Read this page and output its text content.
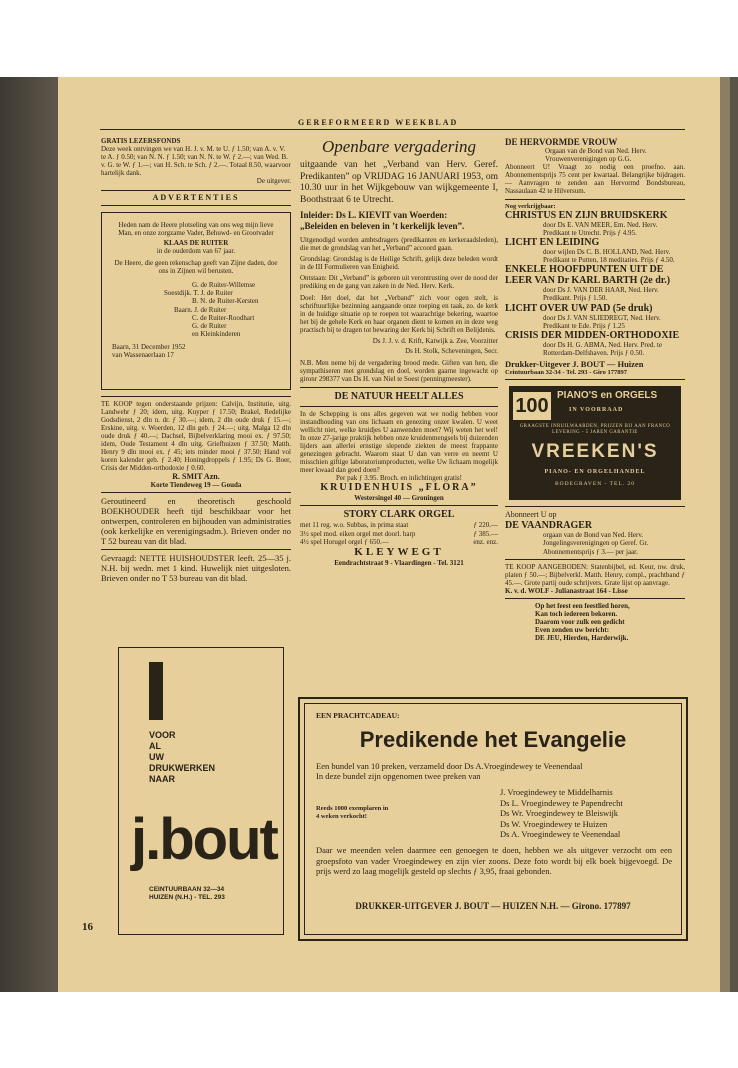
GEREFORMEERD WEEKBLAD

GRATIS LEZERSFONDS

Deze week ontvingen we van H. J. v. M. te U. ƒ 1.50; van A. v. V. te A. ƒ 0.50; van N. N. ƒ 1.50; van N. N. te W. ƒ 2.—; van Wed. B. v. G. te W. ƒ 1.—; van H. Sch. te Sch. ƒ 2.—. Totaal 8.50, waarvoor hartelijk dank.

De uitgever.

ADVERTENTIES

Heden nam de Heere plotseling van ons weg mijn lieve Man, en onze zorgzame Vader, Behuwd- en Grootvader

KLAAS DE RUITER

in de ouderdom van 67 jaar.

De Heere, die geen rekenschap geeft van Zijne daden, doe ons in Zijnen wil berusten.

G. de Ruiter-Willemse

Soestdijk. T. J. de Ruiter

B. N. de Ruiter-Kersten

Baarn. J. de Ruiter

C. de Ruiter-Roodhart

G. de Ruiter

en Kleinkinderen

Baarn, 31 December 1952

van Wassenaerlaan 17

TE KOOP tegen onderstaande prijzen: Calvijn, Institutie, uitg. Landwehr ƒ 20; idem, uitg. Kuyper ƒ 17.50; Brakel, Redelijke Godsdienst, 2 dln n. dr. ƒ 30.—; idem, 2 dln oude druk ƒ 15.—; Erskine, uitg. v. Woerden, 12 dln geb. ƒ 24.—; uitg. Malga 12 dln oude druk ƒ 40.—; Dachsel, Bijbelverklaring mooi ex. ƒ 97.50; idem, Oude Testament 4 dln uitg. Griefhuizen ƒ 37.50; Matth. Henry 9 dln mooi ex. ƒ 45; iets minder mooi ƒ 37.50; Hand vol koren kalender geb. ƒ 2.40; Honingdroppels ƒ 1.95; Ds G. Boer, Crisis der Midden-orthodoxie ƒ 0.60.

R. SMIT Azn.

Korte Tiendeweg 19 — Gouda

Geroutineerd en theoretisch geschoold BOEKHOUDER heeft tijd beschikbaar voor het ontwerpen, controleren en bijhouden van administraties (ook kerkelijke en verenigingsadm.). Brieven onder no T 52 bureau van dit blad.

Gevraagd: NETTE HUISHOUDSTER leeft. 25—35 j. N.H. bij wedn. met 1 kind. Huwelijk niet uitgesloten. Brieven onder no T 53 bureau van dit blad.

VOOR

AL

UW

DRUKWERKEN

NAAR

j.bout

CEINTUURBAAN 32—34

HUIZEN (N.H.) - TEL. 293

16

Openbare vergadering

uitgaande van het „Verband van Herv. Geref. Predikanten” op VRIJDAG 16 JANUARI 1953, om 10.30 uur in het Wijkgebouw van wijkgemeente I, Boothstraat 6 te Utrecht.

Inleider: Ds L. KIEVIT van Woerden:

„Beleiden en beleven in ’t kerkelijk leven”.

Uitgenodigd worden ambtsdragers (predikanten en kerkeraadsleden), die met de grondslag van het „Verband” accoord gaan.

Grondslag: Grondslag is de Heilige Schrift, gelijk deze beleden wordt in de III Formulieren van Enigheid.

Ontstaan: Dit „Verband” is geboren uit verontrusting over de nood der prediking en de gang van zaken in de Ned. Herv. Kerk.

Doel: Het doel, dat het „Verband” zich voor ogen stelt, is schriftuurlijke bezinning aangaande onze roeping en taak, zo. de kerk in de huidige situatie op te roepen tot waarachtige bekering, waartoe het bij de gehele Kerk en haar organen dient te komen en in deze weg practisch bij te dragen tot bewaring der Kerk bij Schrift en Belijdenis.

Ds J. J. v. d. Krift, Katwijk a. Zee, Voorzitter

Ds H. Stolk, Scheveningen, Secr.

N.B. Men neme bij de vergadering brood mede. Giften van hen, die sympathiseren met grondslag en doel, worden gaarne ingewacht op gironr 298377 van Ds H. van Niel te Soest (penningmeester).

DE NATUUR HEELT ALLES

In de Schepping is ons alles gegeven wat we nodig hebben voor instandhouding van ons lichaam en genezing onzer kwalen. U weet wellicht niet, welke kruidjes U aanwenden moet? Wij weten het wel! In onze 27-jarige praktijk hebben onze kruidenmengsels bij duizenden lijders aan allerlei ernstige slepende ziekten de meest frappante genezingen gebracht. Waarom staat U dan van verre en neemt U misschien giftige laboratoriumproducten, welke Uw lichaam mogelijk meer kwaad dan goed doen?

Per pak ƒ 3.95. Broch. en inlichtingen gratis!

KRUIDENHUIS „FLORA”

Westersingel 40 — Groningen

STORY CLARK ORGEL

met 11 reg. w.o. Subbas, in prima staat	ƒ 220.—
3½ spel mod. eiken orgel met doorl. harp	ƒ 385.—
4½ spel Horugel orgel ƒ 650.—	enz. enz.

KLEYWEGT

Eendrachtstraat 9 - Vlaardingen - Tel. 3121

DE HERVORMDE VROUW

Orgaan van de Bond van Ned. Herv. Vrouwenverenigingen op G.G.

Abonneert U! Vraagt zo nodig een proefno. aan. Abonnementsprijs 75 cent per kwartaal. Belangrijke bijdragen. — Aanvragen te zenden aan Hervormd Bondsbureau, Nassaulaan 42 te Hilversum.

Nog verkrijgbaar:

CHRISTUS EN ZIJN BRUIDSKERK

door Ds E. VAN MEER, Em. Ned. Herv. Predikant te Utrecht. Prijs ƒ 4.95.

LICHT EN LEIDING

door wijlen Ds C. B. HOLLAND, Ned. Herv. Predikant te Putten, 18 meditaties. Prijs ƒ 4.50.

ENKELE HOOFDPUNTEN UIT DE LEER VAN Dr KARL BARTH (2e dr.)

door Ds J. VAN DER HAAR, Ned. Herv. Predikant. Prijs ƒ 1.50.

LICHT OVER UW PAD (5e druk)

door Ds J. VAN SLIEDREGT, Ned. Herv. Predikant te Ede. Prijs ƒ 1.25

CRISIS DER MIDDEN-ORTHODOXIE

door Ds H. G. ABMA, Ned. Herv. Pred. te Rotterdam-Delfshaven. Prijs ƒ 0.50.

Drukker-Uitgever J. BOUT — Huizen

Ceintuurbaan 32-34 - Tel. 293 - Giro 177897

100 PIANO'S en ORGELS
IN VOORRAAD
GRAAGSTE INRUILWAARDEN, PRIJZEN BIJ AAN FRANCO LEVERING - 5 JAREN GARANTIE
VREEKEN'S
PIANO- EN ORGELHANDEL
BODEGRAVEN - TEL. 20

Abonneert U op

DE VAANDRAGER

orgaan van de Bond van Ned. Herv. Jongelingsverenigingen op Geref. Gr. Abonnementsprijs ƒ 3.— per jaar.

TE KOOP AANGEBODEN: Statenbijbel, ed. Keur, nw. druk, platen ƒ 50.—; Bijbelverkl. Matth. Henry, compl., prachtband ƒ 45.—. Grote partij oude schrijvers. Grate lijst op aanvrage.

K. v. d. WOLF - Julianastraat 164 - Lisse

Op het feest een feestlied horen,

Kan toch iedereen bekoren.

Daarom voor zulk een gedicht

Even zenden uw bericht:

DE JEU, Hierden, Harderwijk.

EEN PRACHTCADEAU:
Predikende het Evangelie

Een bundel van 10 preken, verzameld door Ds A.Vroegindewey te Veenendaal

In deze bundel zijn opgenomen twee preken van

J. Vroegindewey te Middelharnis

Ds L. Vroegindewey te Papendrecht

Ds Wr. Vroegindewey te Bleiswijk

Ds W. Vroegindewey te Huizen

Ds A. Vroegindewey te Veenendaal

Reeds 1000 exemplaren in

4 weken verkocht!

Daar we meenden velen daarmee een genoegen te doen, hebben we als uitgever verzocht om een groepsfoto van vader Vroegindewey en zijn vier zoons. Deze foto wordt bij elk boek bijgevoegd. De prijs werd zo laag mogelijk gesteld op slechts ƒ 3,95, fraai gebonden.
DRUKKER-UITGEVER J. BOUT — HUIZEN N.H. — Girono. 177897
